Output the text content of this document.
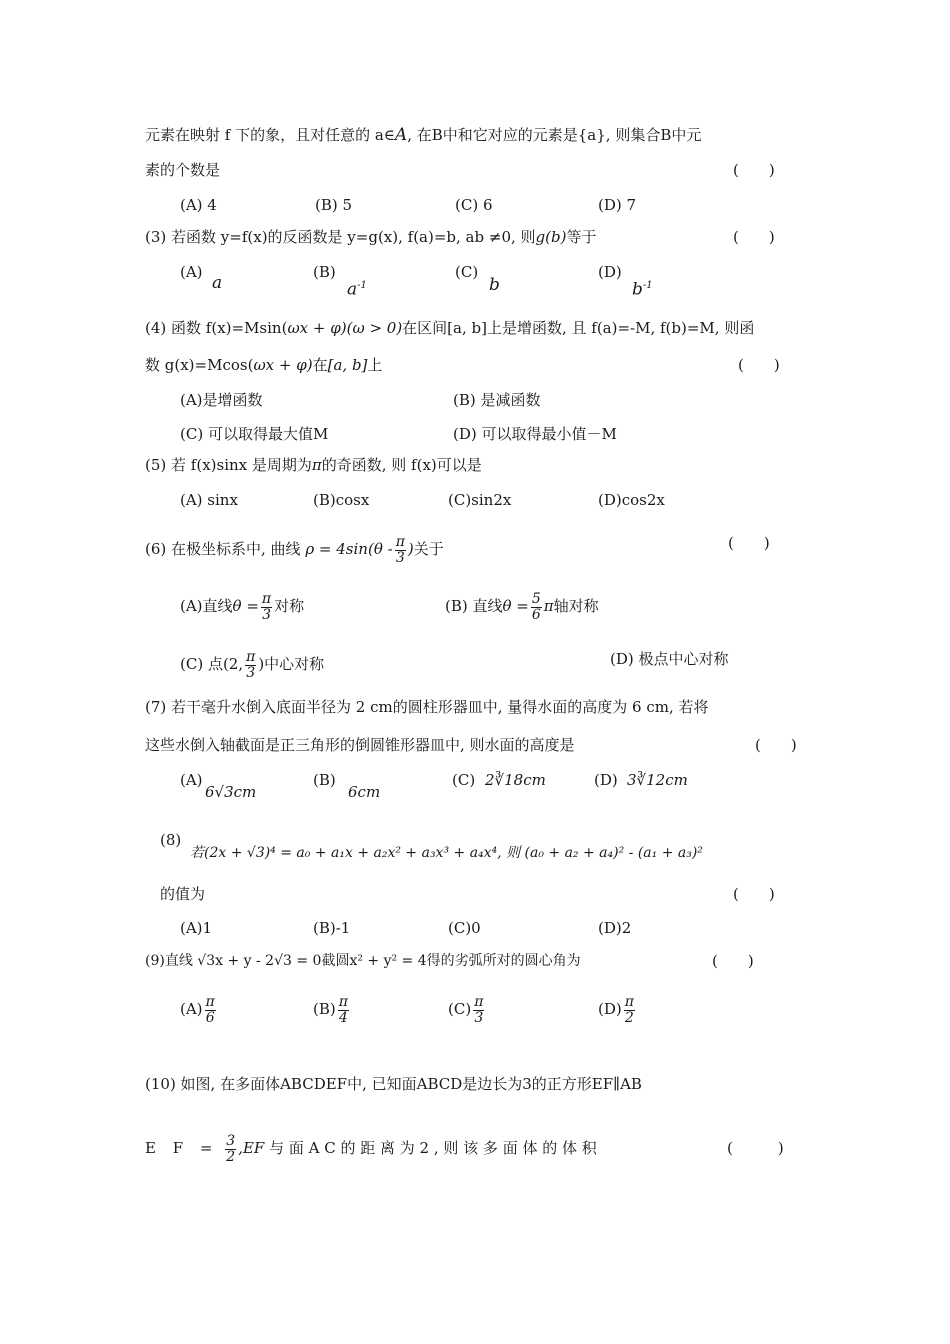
元素在映射 f 下的象，且对任意的 a∈A, 在B中和它对应的元素是{a}, 则集合B中元
素的个数是	(　　)
(A) 4	(B) 5	(C) 6	(D) 7
(3) 若函数 y=f(x)的反函数是 y=g(x), f(a)=b, ab ≠0, 则g(b)等于	(　　)
(A)
a
(B)
$a^{-1}$
(C)
b
(D)
$b^{-1}$
(4) 函数 f(x)=Msin(ωx + φ)(ω > 0)在区间[a, b]上是增函数, 且 f(a)=-M, f(b)=M, 则函
数 g(x)=Mcos(ωx + φ)在[a, b]上	(　　)
(A)是增函数	(B) 是减函数
(C) 可以取得最大值M	(D) 可以取得最小值－M
(5) 若 f(x)sinx 是周期为π的奇函数, 则 f(x)可以是
(A) sinx	(B)cosx	(C)sin2x	(D)cos2x
(6) 在极坐标系中, 曲线 $\rho = 4\sin(\theta - \frac{\pi}{3}$ )关于	(　　)
(A)直线$\theta = \frac{\pi}{3}$ 对称	(B) 直线$\theta = \frac{5}{6}$ π轴对称
(C) 点(2, $\frac{\pi}{3}$ )中心对称	(D) 极点中心对称
(7) 若干毫升水倒入底面半径为 2 cm的圆柱形器皿中, 量得水面的高度为 6 cm, 若将
这些水倒入轴截面是正三角形的倒圆锥形器皿中, 则水面的高度是	(　　)
(A)
6√3cm
(B)
6cm
(C) 2∛18cm	(D) 3∛12cm
(8)
若(2x + √3)⁴ = a₀ + a₁x + a₂x² + a₃x³ + a₄x⁴, 则 (a₀ + a₂ + a₄)² - (a₁ + a₃)²
的值为	(　　)
(A)1	(B)-1	(C)0	(D)2
(9)直线 √3x + y - 2√3 = 0截圆x² + y² = 4得的劣弧所对的圆心角为	(　　)
$(A) \frac{\pi}{6}$	$(B) \frac{\pi}{4}$	$(C) \frac{\pi}{3}$	$(D) \frac{\pi}{2}$
(10) 如图, 在多面体ABCDEF中, 已知面ABCD是边长为3的正方形EF∥AB
E $F = \frac{3}{2} ,EF$ 与 面 A C 的 距 离 为 2 , 则 该 多 面 体 的 体 积	(　　　)
